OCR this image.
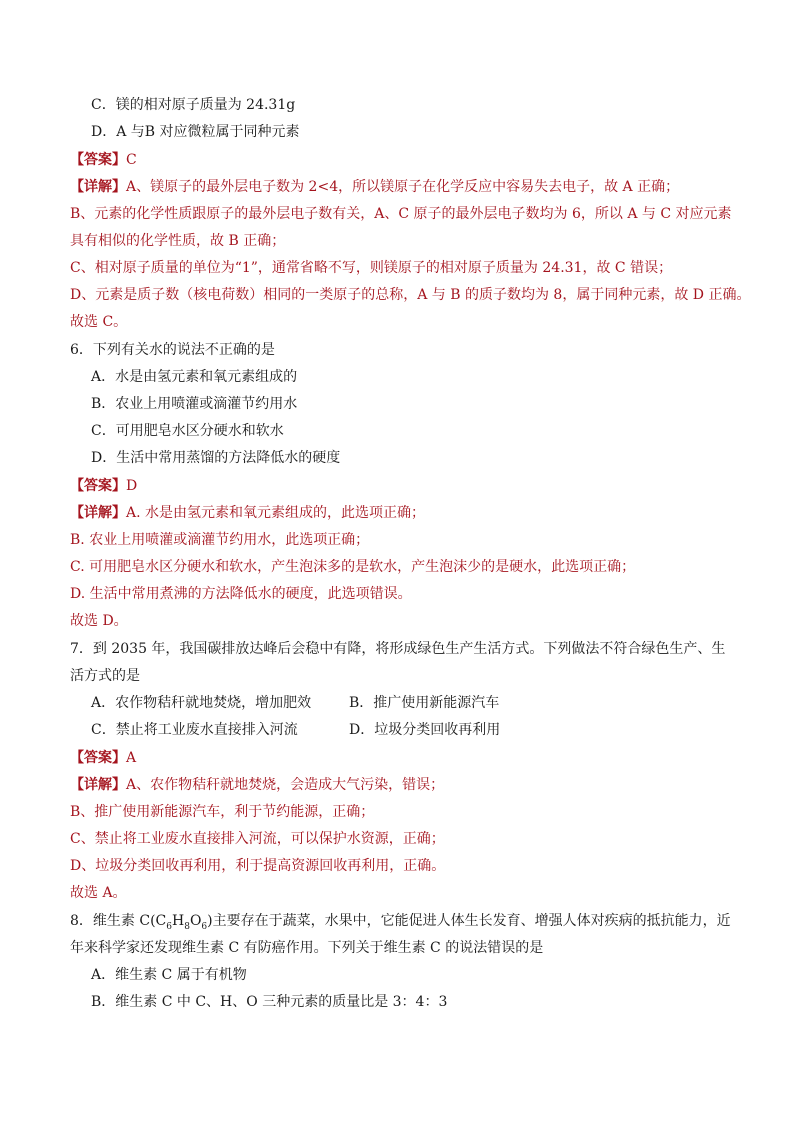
C．镁的相对原子质量为 24.31g
D．A 与B 对应微粒属于同种元素
【答案】C
【详解】A、镁原子的最外层电子数为 2<4，所以镁原子在化学反应中容易失去电子，故 A 正确；
B、元素的化学性质跟原子的最外层电子数有关，A、C 原子的最外层电子数均为 6，所以 A 与 C 对应元素
具有相似的化学性质，故 B 正确；
C、相对原子质量的单位为“1”，通常省略不写，则镁原子的相对原子质量为 24.31，故 C 错误；
D、元素是质子数（核电荷数）相同的一类原子的总称，A 与 B 的质子数均为 8，属于同种元素，故 D 正确。
故选 C。
6．下列有关水的说法不正确的是
A．水是由氢元素和氧元素组成的
B．农业上用喷灌或滴灌节约用水
C．可用肥皂水区分硬水和软水
D．生活中常用蒸馏的方法降低水的硬度
【答案】D
【详解】A. 水是由氢元素和氧元素组成的，此选项正确；
B. 农业上用喷灌或滴灌节约用水，此选项正确；
C. 可用肥皂水区分硬水和软水，产生泡沫多的是软水，产生泡沫少的是硬水，此选项正确；
D. 生活中常用煮沸的方法降低水的硬度，此选项错误。
故选 D。
7．到 2035 年，我国碳排放达峰后会稳中有降，将形成绿色生产生活方式。下列做法不符合绿色生产、生
活方式的是
A．农作物秸秆就地焚烧，增加肥效	B．推广使用新能源汽车
C．禁止将工业废水直接排入河流	D．垃圾分类回收再利用
【答案】A
【详解】A、农作物秸秆就地焚烧，会造成大气污染，错误；
B、推广使用新能源汽车，利于节约能源，正确；
C、禁止将工业废水直接排入河流，可以保护水资源，正确；
D、垃圾分类回收再利用，利于提高资源回收再利用，正确。
故选 A。
8．维生素 $C(C_6H_8O_6)$主要存在于蔬菜，水果中，它能促进人体生长发育、增强人体对疾病的抵抗能力，近
年来科学家还发现维生素 C 有防癌作用。下列关于维生素 C 的说法错误的是
A．维生素 C 属于有机物
B．维生素 C 中 C、H、O 三种元素的质量比是 3：4：3
